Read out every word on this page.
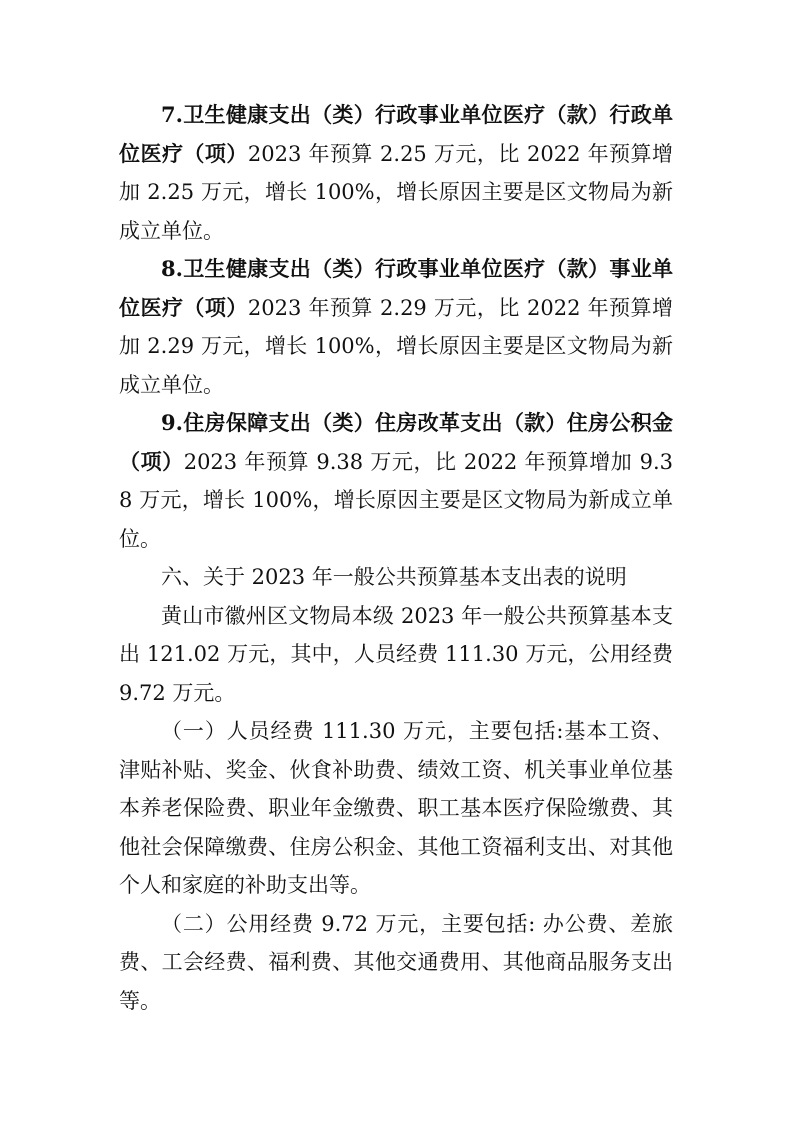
7.卫生健康支出（类）行政事业单位医疗（款）行政单位医疗（项）2023 年预算 2.25 万元，比 2022 年预算增加 2.25 万元，增长 100%，增长原因主要是区文物局为新成立单位。

8.卫生健康支出（类）行政事业单位医疗（款）事业单位医疗（项）2023 年预算 2.29 万元，比 2022 年预算增加 2.29 万元，增长 100%，增长原因主要是区文物局为新成立单位。

9.住房保障支出（类）住房改革支出（款）住房公积金（项）2023 年预算 9.38 万元，比 2022 年预算增加 9.38 万元，增长 100%，增长原因主要是区文物局为新成立单位。

六、关于 2023 年一般公共预算基本支出表的说明

黄山市徽州区文物局本级 2023 年一般公共预算基本支出 121.02 万元，其中，人员经费 111.30 万元，公用经费 9.72 万元。

（一）人员经费 111.30 万元，主要包括:基本工资、津贴补贴、奖金、伙食补助费、绩效工资、机关事业单位基本养老保险费、职业年金缴费、职工基本医疗保险缴费、其他社会保障缴费、住房公积金、其他工资福利支出、对其他个人和家庭的补助支出等。

（二）公用经费 9.72 万元，主要包括: 办公费、差旅费、工会经费、福利费、其他交通费用、其他商品服务支出等。
